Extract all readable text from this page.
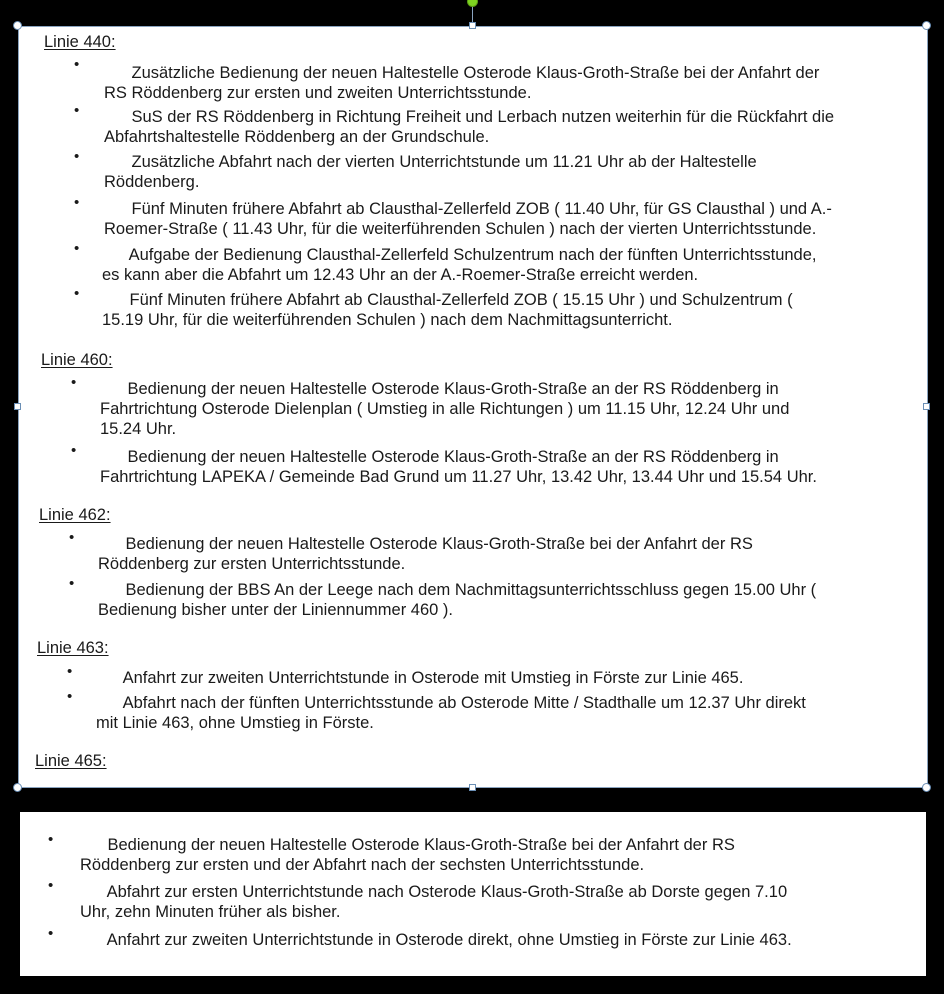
Linie 440:
• Zusätzliche Bedienung der neuen Haltestelle Osterode Klaus-Groth-Straße bei der Anfahrt der
RS Röddenberg zur ersten und zweiten Unterrichtsstunde.
• SuS der RS Röddenberg in Richtung Freiheit und Lerbach nutzen weiterhin für die Rückfahrt die
Abfahrtshaltestelle Röddenberg an der Grundschule.
• Zusätzliche Abfahrt nach der vierten Unterrichtstunde um 11.21 Uhr ab der Haltestelle
Röddenberg.
• Fünf Minuten frühere Abfahrt ab Clausthal-Zellerfeld ZOB ( 11.40 Uhr, für GS Clausthal ) und A.-
Roemer-Straße ( 11.43 Uhr, für die weiterführenden Schulen ) nach der vierten Unterrichtsstunde.
• Aufgabe der Bedienung Clausthal-Zellerfeld Schulzentrum nach der fünften Unterrichtsstunde,
es kann aber die Abfahrt um 12.43 Uhr an der A.-Roemer-Straße erreicht werden.
• Fünf Minuten frühere Abfahrt ab Clausthal-Zellerfeld ZOB ( 15.15 Uhr ) und Schulzentrum (
15.19 Uhr, für die weiterführenden Schulen ) nach dem Nachmittagsunterricht.
Linie 460:
• Bedienung der neuen Haltestelle Osterode Klaus-Groth-Straße an der RS Röddenberg in
Fahrtrichtung Osterode Dielenplan ( Umstieg in alle Richtungen ) um 11.15 Uhr, 12.24 Uhr und
15.24 Uhr.
• Bedienung der neuen Haltestelle Osterode Klaus-Groth-Straße an der RS Röddenberg in
Fahrtrichtung LAPEKA / Gemeinde Bad Grund um 11.27 Uhr, 13.42 Uhr, 13.44 Uhr und 15.54 Uhr.
Linie 462:
• Bedienung der neuen Haltestelle Osterode Klaus-Groth-Straße bei der Anfahrt der RS
Röddenberg zur ersten Unterrichtsstunde.
• Bedienung der BBS An der Leege nach dem Nachmittagsunterrichtsschluss gegen 15.00 Uhr (
Bedienung bisher unter der Liniennummer 460 ).
Linie 463:
• Anfahrt zur zweiten Unterrichtstunde in Osterode mit Umstieg in Förste zur Linie 465.
• Abfahrt nach der fünften Unterrichtsstunde ab Osterode Mitte / Stadthalle um 12.37 Uhr direkt
mit Linie 463, ohne Umstieg in Förste.
Linie 465:
• Bedienung der neuen Haltestelle Osterode Klaus-Groth-Straße bei der Anfahrt der RS
Röddenberg zur ersten und der Abfahrt nach der sechsten Unterrichtsstunde.
• Abfahrt zur ersten Unterrichtstunde nach Osterode Klaus-Groth-Straße ab Dorste gegen 7.10
Uhr, zehn Minuten früher als bisher.
• Anfahrt zur zweiten Unterrichtstunde in Osterode direkt, ohne Umstieg in Förste zur Linie 463.
